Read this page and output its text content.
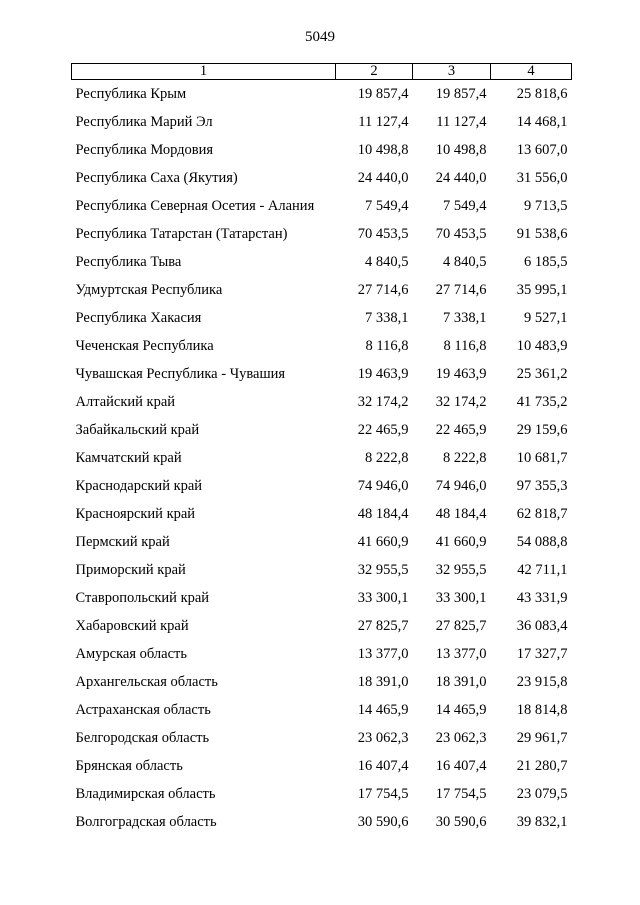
5049
1	2	3	4
Республика Крым	19 857,4	19 857,4	25 818,6
Республика Марий Эл	11 127,4	11 127,4	14 468,1
Республика Мордовия	10 498,8	10 498,8	13 607,0
Республика Саха (Якутия)	24 440,0	24 440,0	31 556,0
Республика Северная Осетия - Алания	7 549,4	7 549,4	9 713,5
Республика Татарстан (Татарстан)	70 453,5	70 453,5	91 538,6
Республика Тыва	4 840,5	4 840,5	6 185,5
Удмуртская Республика	27 714,6	27 714,6	35 995,1
Республика Хакасия	7 338,1	7 338,1	9 527,1
Чеченская Республика	8 116,8	8 116,8	10 483,9
Чувашская Республика - Чувашия	19 463,9	19 463,9	25 361,2
Алтайский край	32 174,2	32 174,2	41 735,2
Забайкальский край	22 465,9	22 465,9	29 159,6
Камчатский край	8 222,8	8 222,8	10 681,7
Краснодарский край	74 946,0	74 946,0	97 355,3
Красноярский край	48 184,4	48 184,4	62 818,7
Пермский край	41 660,9	41 660,9	54 088,8
Приморский край	32 955,5	32 955,5	42 711,1
Ставропольский край	33 300,1	33 300,1	43 331,9
Хабаровский край	27 825,7	27 825,7	36 083,4
Амурская область	13 377,0	13 377,0	17 327,7
Архангельская область	18 391,0	18 391,0	23 915,8
Астраханская область	14 465,9	14 465,9	18 814,8
Белгородская область	23 062,3	23 062,3	29 961,7
Брянская область	16 407,4	16 407,4	21 280,7
Владимирская область	17 754,5	17 754,5	23 079,5
Волгоградская область	30 590,6	30 590,6	39 832,1
